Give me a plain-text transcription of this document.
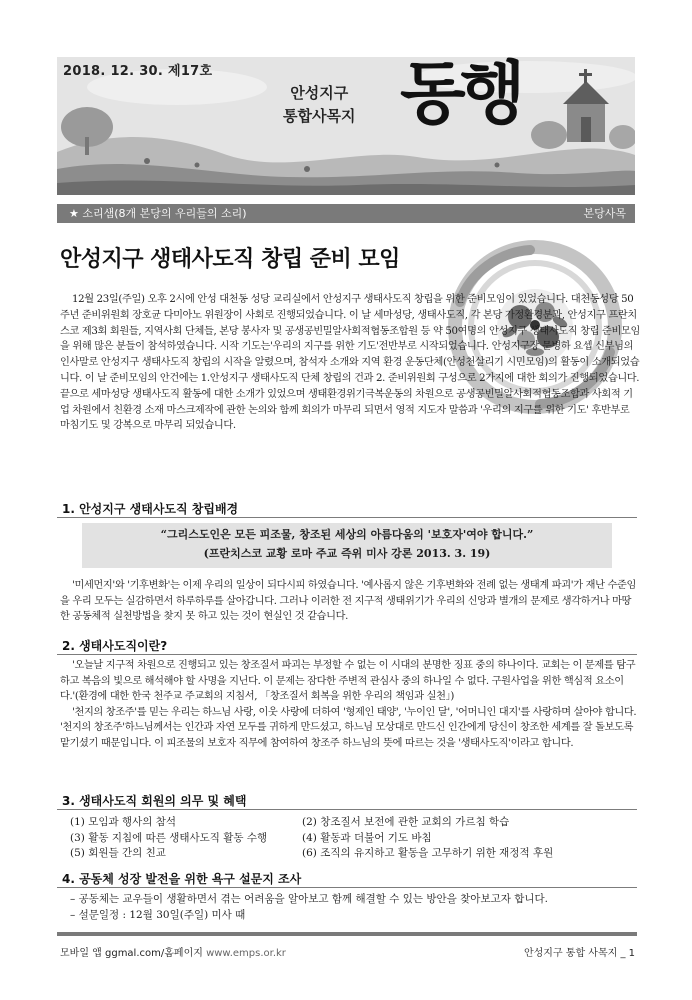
2018. 12. 30. 제17호
안성지구
통합사목지 동행
★ 소리샘(8개 본당의 우리들의 소리)	본당사목
안성지구 생태사도직 창립 준비 모임

12월 23일(주일) 오후 2시에 안성 대천동 성당 교리실에서 안성지구 생태사도직 창립을 위한 준비모임이 있었습니다. 대천동성당 50주년 준비위원회 장호균 다미아노 위원장이 사회로 진행되었습니다. 이 날 세마성당, 생태사도직, 각 본당 가정환경분과, 안성지구 프란치스코 제3회 회원들, 지역사회 단체들, 본당 봉사자 및 공생공빈밀알사회적협동조합원 등 약 50여명의 안성지구 생태사도직 창립 준비모임을 위해 많은 분들이 참석하였습니다. 시작 기도는'우리의 지구를 위한 기도'전반부로 시작되었습니다. 안성지구장 문병하 요셉 신부님의 인사말로 안성지구 생태사도직 창립의 시작을 알렸으며, 참석자 소개와 지역 환경 운동단체(안성천살리기 시민모임)의 활동이 소개되었습니다. 이 날 준비모임의 안건에는 1.안성지구 생태사도직 단체 창립의 건과 2. 준비위원회 구성으로 2가지에 대한 회의가 진행되었습니다. 끝으로 세마성당 생태사도직 활동에 대한 소개가 있었으며 생태환경위기극복운동의 차원으로 공생공빈밀알사회적협동조합과 사회적 기업 차원에서 친환경 소재 마스크제작에 관한 논의와 함께 회의가 마무리 되면서 영적 지도자 말씀과 '우리의 지구를 위한 기도' 후반부로 마침기도 및 강복으로 마무리 되었습니다.

1. 안성지구 생태사도직 창립배경
“그리스도인은 모든 피조물, 창조된 세상의 아름다움의 '보호자'여야 합니다.”
(프란치스코 교황 로마 주교 즉위 미사 강론 2013. 3. 19)

'미세먼지'와 '기후변화'는 이제 우리의 일상이 되다시피 하였습니다. '예사롭지 않은 기후변화와 전례 없는 생태계 파괴'가 재난 수준임을 우리 모두는 실감하면서 하루하루를 살아갑니다. 그러나 이러한 전 지구적 생태위기가 우리의 신앙과 별개의 문제로 생각하거나 마땅한 공동체적 실천방법을 찾지 못 하고 있는 것이 현실인 것 같습니다.

2. 생태사도직이란?

'오늘날 지구적 차원으로 진행되고 있는 창조질서 파괴는 부정할 수 없는 이 시대의 분명한 징표 중의 하나이다. 교회는 이 문제를 탐구하고 복음의 빛으로 해석해야 할 사명을 지닌다. 이 문제는 잠다한 주변적 관심사 중의 하나일 수 없다. 구원사업을 위한 핵심적 요소이다.'(환경에 대한 한국 천주교 주교회의 지침서, 「창조질서 회복을 위한 우리의 책임과 실천」)

'천지의 창조주'를 믿는 우리는 하느님 사랑, 이웃 사랑에 더하여 '형제인 태양', '누이인 달', '어머니인 대지'를 사랑하며 살아야 합니다. '천지의 창조주'하느님께서는 인간과 자연 모두를 귀하게 만드셨고, 하느님 모상대로 만드신 인간에게 당신이 창조한 세계를 잘 돌보도록 맡기셨기 때문입니다. 이 피조물의 보호자 직무에 참여하여 창조주 하느님의 뜻에 따르는 것을 '생태사도직'이라고 합니다.

3. 생태사도직 회원의 의무 및 혜택
(1) 모임과 행사의 참석	(2) 창조질서 보전에 관한 교회의 가르침 학습
(3) 활동 지침에 따른 생태사도직 활동 수행	(4) 활동과 더불어 기도 바침
(5) 회원들 간의 친교	(6) 조직의 유지하고 활동을 고무하기 위한 재정적 후원
4. 공동체 성장 발전을 위한 욕구 설문지 조사
– 공동체는 교우들이 생활하면서 겪는 어려움을 알아보고 함께 해결할 수 있는 방안을 찾아보고자 합니다.
– 설문일정 : 12월 30일(주일) 미사 때
모바일 앱 ggmal.com/홈페이지 www.emps.or.kr	안성지구 통합 사목지 _ 1
